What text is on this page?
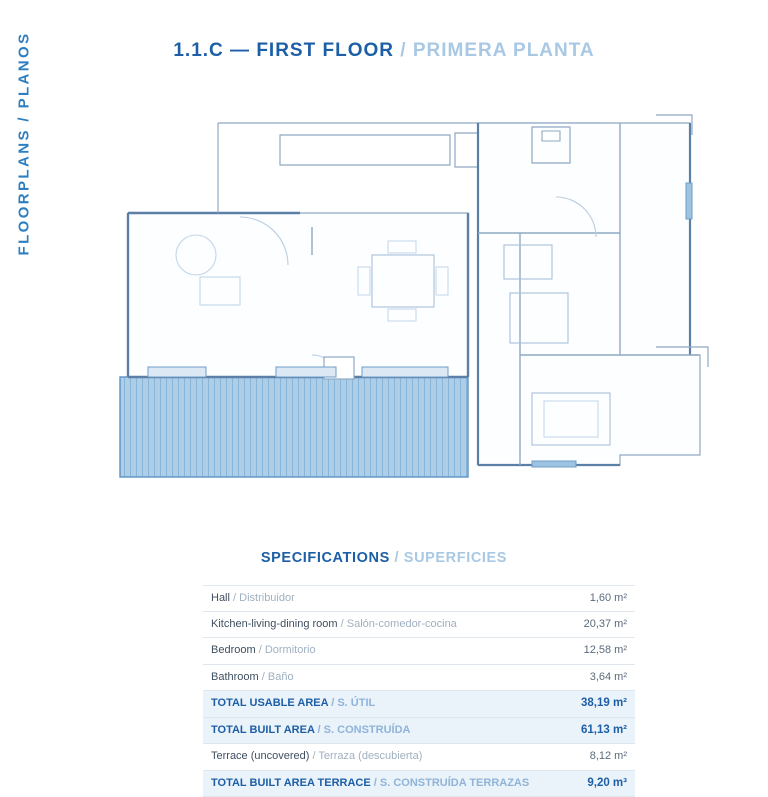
FLOORPLANS / PLANOS	1.1.C — FIRST FLOOR / PRIMERA PLANTA
SPECIFICATIONS / SUPERFICIES
Hall / Distribuidor	1,60 m²
Kitchen-living-dining room / Salón-comedor-cocina	20,37 m²
Bedroom / Dormitorio	12,58 m²
Bathroom / Baño	3,64 m²
TOTAL USABLE AREA / S. ÚTIL	38,19 m²
TOTAL BUILT AREA / S. CONSTRUÍDA	61,13 m²
Terrace (uncovered) / Terraza (descubierta)	8,12 m²
TOTAL BUILT AREA TERRACE / S. CONSTRUÍDA TERRAZAS	9,20 m³
